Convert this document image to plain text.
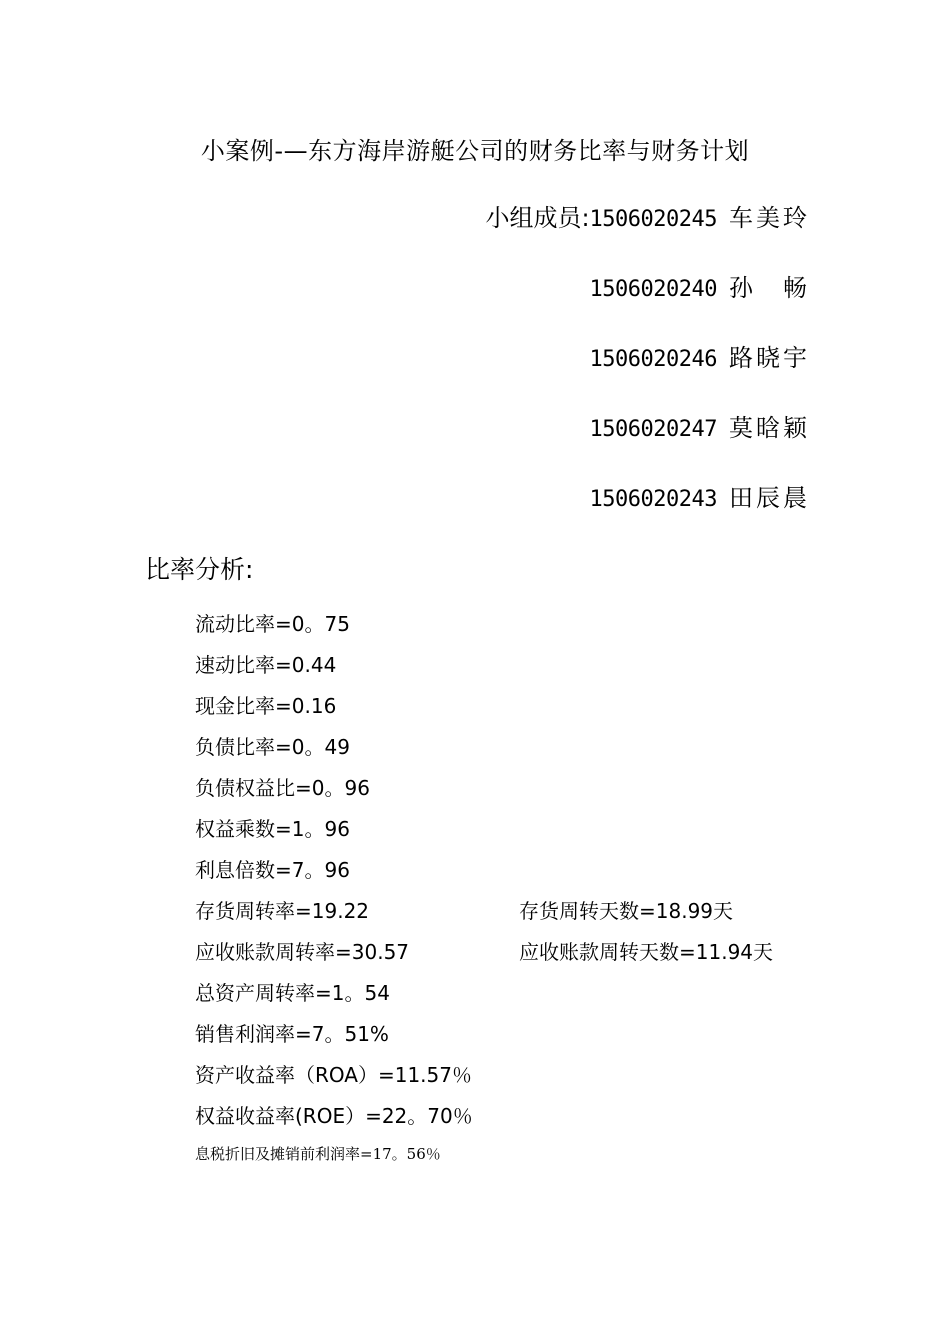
小案例-—东方海岸游艇公司的财务比率与财务计划
小组成员:1506020245 车美玲
1506020240 孙畅
1506020246 路晓宇
1506020247 莫晗颖
1506020243 田辰晨
比率分析:
流动比率=0。75
速动比率=0.44
现金比率=0.16
负债比率=0。49
负债权益比=0。96
权益乘数=1。96
利息倍数=7。96
存货周转率=19.22	存货周转天数=18.99天
应收账款周转率=30.57	应收账款周转天数=11.94天
总资产周转率=1。54
销售利润率=7。51%
资产收益率（ROA）=11.57％
权益收益率(ROE）=22。70％
息税折旧及摊销前利润率=17。56％
